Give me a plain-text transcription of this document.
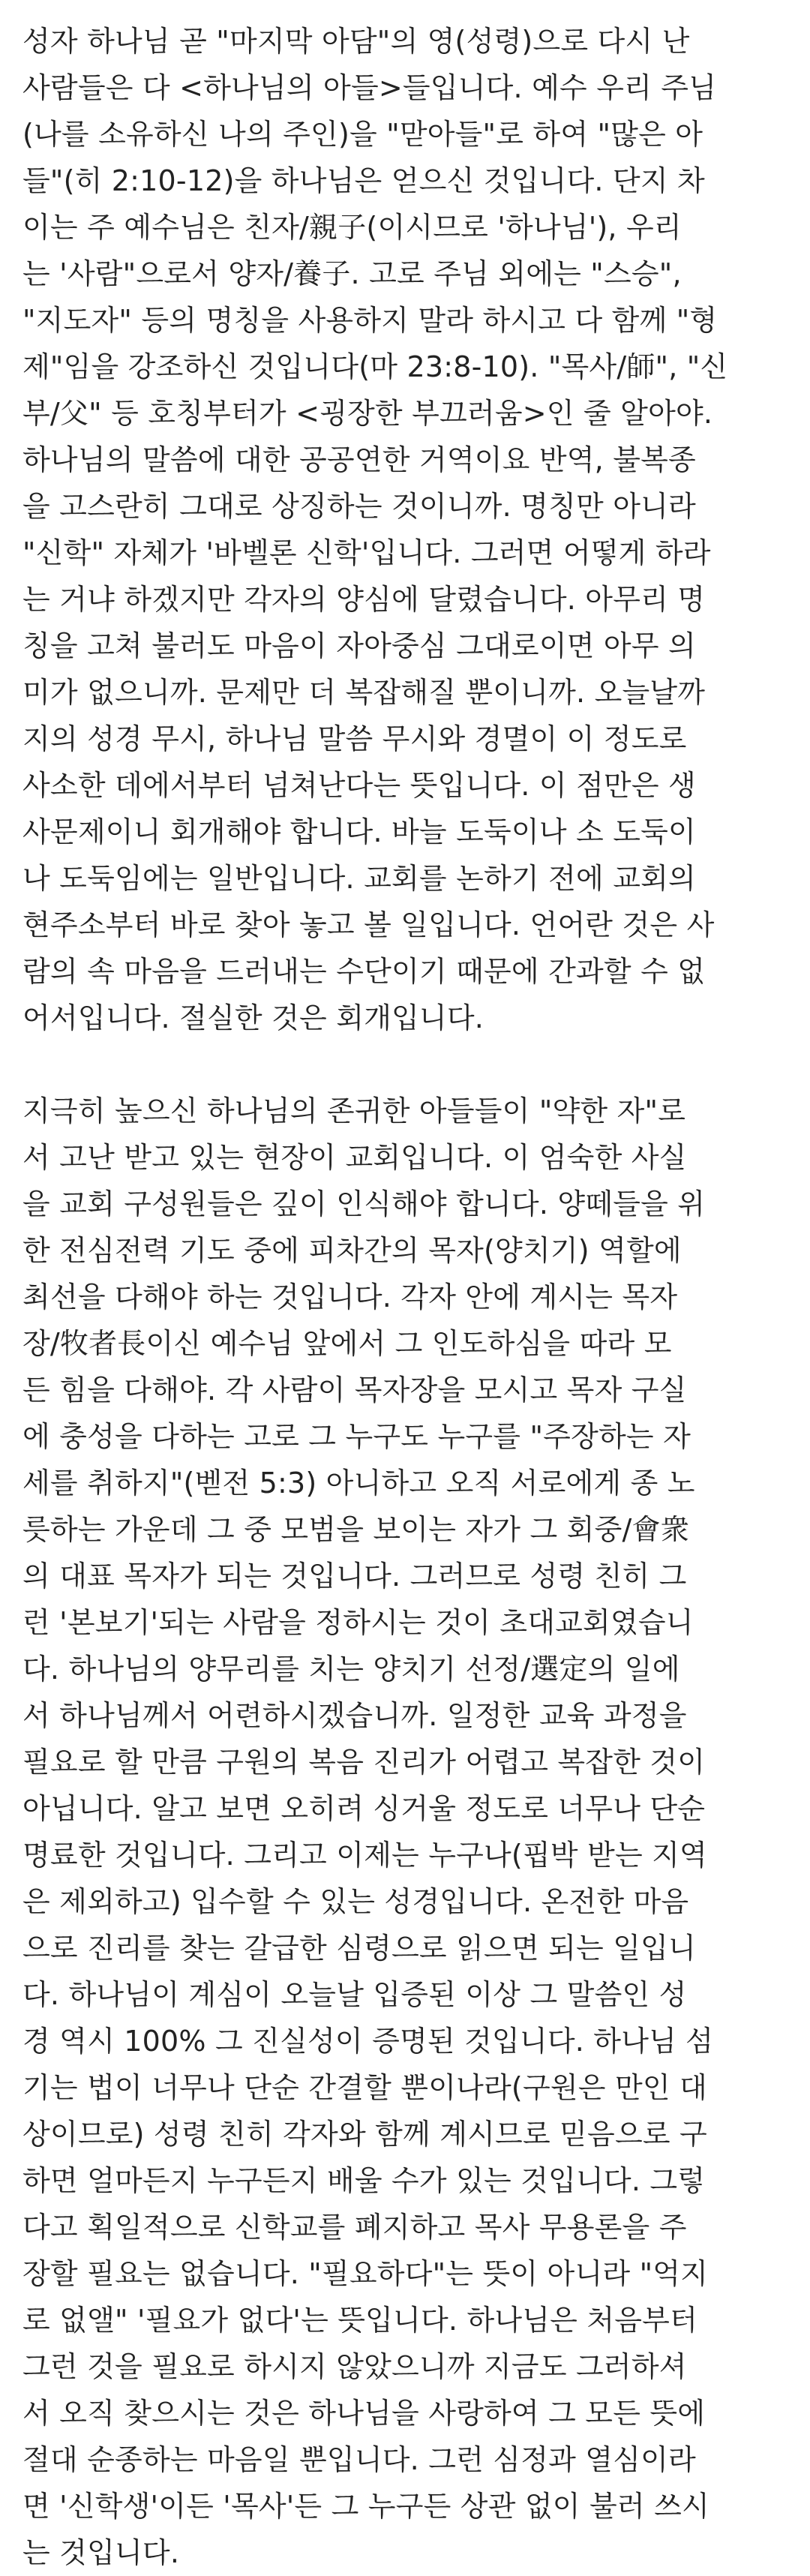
성자 하나님 곧 "마지막 아담"의 영(성령)으로 다시 난
사람들은 다 <하나님의 아들>들입니다. 예수 우리 주님
(나를 소유하신 나의 주인)을 "맏아들"로 하여 "많은 아
들"(히 2:10-12)을 하나님은 얻으신 것입니다. 단지 차
이는 주 예수님은 친자/親子(이시므로 '하나님'), 우리
는 '사람"으로서 양자/養子. 고로 주님 외에는 "스승",
"지도자" 등의 명칭을 사용하지 말라 하시고 다 함께 "형
제"임을 강조하신 것입니다(마 23:8-10). "목사/師", "신
부/父" 등 호칭부터가 <굉장한 부끄러움>인 줄 알아야.
하나님의 말씀에 대한 공공연한 거역이요 반역, 불복종
을 고스란히 그대로 상징하는 것이니까. 명칭만 아니라
"신학" 자체가 '바벨론 신학'입니다. 그러면 어떻게 하라
는 거냐 하겠지만 각자의 양심에 달렸습니다. 아무리 명
칭을 고쳐 불러도 마음이 자아중심 그대로이면 아무 의
미가 없으니까. 문제만 더 복잡해질 뿐이니까. 오늘날까
지의 성경 무시, 하나님 말씀 무시와 경멸이 이 정도로
사소한 데에서부터 넘쳐난다는 뜻입니다. 이 점만은 생
사문제이니 회개해야 합니다. 바늘 도둑이나 소 도둑이
나 도둑임에는 일반입니다. 교회를 논하기 전에 교회의
현주소부터 바로 찾아 놓고 볼 일입니다. 언어란 것은 사
람의 속 마음을 드러내는 수단이기 때문에 간과할 수 없
어서입니다. 절실한 것은 회개입니다.
지극히 높으신 하나님의 존귀한 아들들이 "약한 자"로
서 고난 받고 있는 현장이 교회입니다. 이 엄숙한 사실
을 교회 구성원들은 깊이 인식해야 합니다. 양떼들을 위
한 전심전력 기도 중에 피차간의 목자(양치기) 역할에
최선을 다해야 하는 것입니다. 각자 안에 계시는 목자
장/牧者長이신 예수님 앞에서 그 인도하심을 따라 모
든 힘을 다해야. 각 사람이 목자장을 모시고 목자 구실
에 충성을 다하는 고로 그 누구도 누구를 "주장하는 자
세를 취하지"(벧전 5:3) 아니하고 오직 서로에게 종 노
릇하는 가운데 그 중 모범을 보이는 자가 그 회중/會衆
의 대표 목자가 되는 것입니다. 그러므로 성령 친히 그
런 '본보기'되는 사람을 정하시는 것이 초대교회였습니
다. 하나님의 양무리를 치는 양치기 선정/選定의 일에
서 하나님께서 어련하시겠습니까. 일정한 교육 과정을
필요로 할 만큼 구원의 복음 진리가 어렵고 복잡한 것이
아닙니다. 알고 보면 오히려 싱거울 정도로 너무나 단순
명료한 것입니다. 그리고 이제는 누구나(핍박 받는 지역
은 제외하고) 입수할 수 있는 성경입니다. 온전한 마음
으로 진리를 찾는 갈급한 심령으로 읽으면 되는 일입니
다. 하나님이 계심이 오늘날 입증된 이상 그 말씀인 성
경 역시 100% 그 진실성이 증명된 것입니다. 하나님 섬
기는 법이 너무나 단순 간결할 뿐이나라(구원은 만인 대
상이므로) 성령 친히 각자와 함께 계시므로 믿음으로 구
하면 얼마든지 누구든지 배울 수가 있는 것입니다. 그렇
다고 획일적으로 신학교를 폐지하고 목사 무용론을 주
장할 필요는 없습니다. "필요하다"는 뜻이 아니라 "억지
로 없앨" '필요가 없다'는 뜻입니다. 하나님은 처음부터
그런 것을 필요로 하시지 않았으니까 지금도 그러하셔
서 오직 찾으시는 것은 하나님을 사랑하여 그 모든 뜻에
절대 순종하는 마음일 뿐입니다. 그런 심정과 열심이라
면 '신학생'이든 '목사'든 그 누구든 상관 없이 불러 쓰시
는 것입니다.
